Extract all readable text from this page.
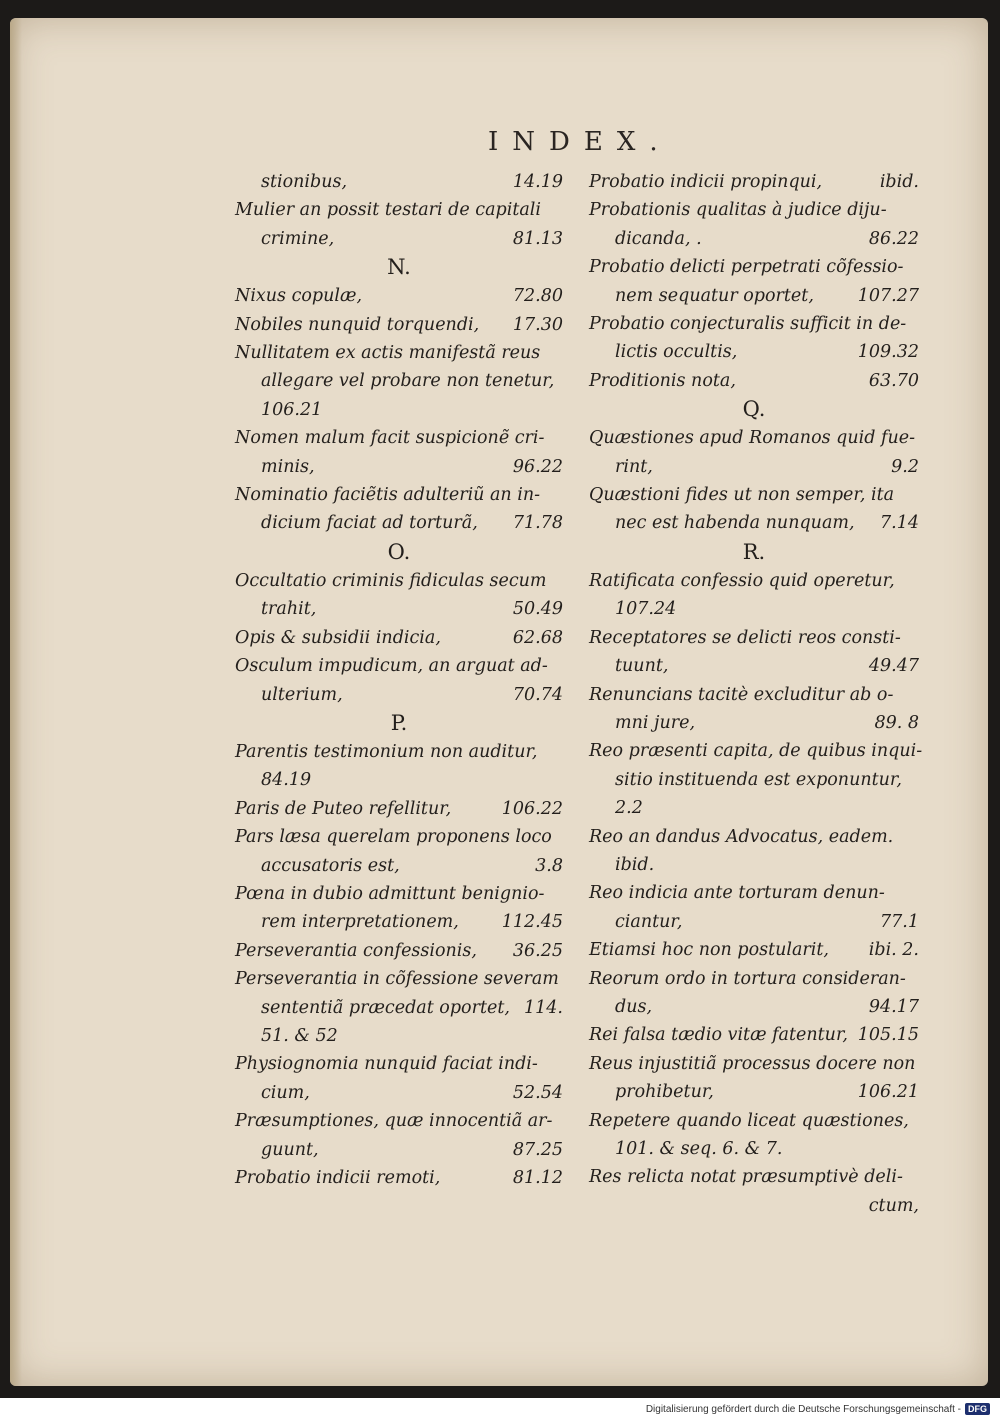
INDEX.
stionibus,	14.19
Mulier an possit testari de capitali
crimine,	81.13
N.
Nixus copulæ,	72.80
Nobiles nunquid torquendi,	17.30
Nullitatem ex actis manifestã reus
allegare vel probare non tenetur,
106.21
Nomen malum facit suspicionẽ cri-
minis,	96.22
Nominatio faciẽtis adulteriũ an in-
dicium faciat ad torturã,	71.78
O.
Occultatio criminis fidiculas secum
trahit,	50.49
Opis & subsidii indicia,	62.68
Osculum impudicum, an arguat ad-
ulterium,	70.74
P.
Parentis testimonium non auditur,
84.19
Paris de Puteo refellitur,	106.22
Pars læsa querelam proponens loco
accusatoris est,	3.8
Pœna in dubio admittunt benignio-
rem interpretationem,	112.45
Perseverantia confessionis,	36.25
Perseverantia in cõfessione severam
sententiã præcedat oportet, 114.
51. & 52
Physiognomia nunquid faciat indi-
cium,	52.54
Præsumptiones, quæ innocentiã ar-
guunt,	87.25
Probatio indicii remoti,	81.12
Probatio indicii propinqui,	ibid.
Probationis qualitas à judice diju-
dicanda, .	86.22
Probatio delicti perpetrati cõfessio-
nem sequatur oportet,	107.27
Probatio conjecturalis sufficit in de-
lictis occultis,	109.32
Proditionis nota,	63.70
Q.
Quæstiones apud Romanos quid fue-
rint,	9.2
Quæstioni fides ut non semper, ita
nec est habenda nunquam,	7.14
R.
Ratificata confessio quid operetur,
107.24
Receptatores se delicti reos consti-
tuunt,	49.47
Renuncians tacitè excluditur ab o-
mni jure,	89. 8
Reo præsenti capita, de quibus inqui-
sitio instituenda est exponuntur,
2.2
Reo an dandus Advocatus, eadem.
ibid.
Reo indicia ante torturam denun-
ciantur,	77.1
Etiamsi hoc non postularit,	ibi. 2.
Reorum ordo in tortura consideran-
dus,	94.17
Rei falsa tædio vitæ fatentur, 105.15
Reus injustitiã processus docere non
prohibetur,	106.21
Repetere quando liceat quæstiones,
101. & seq. 6. & 7.
Res relicta notat præsumptivè deli-
ctum,
Digitalisierung gefördert durch die Deutsche Forschungsgemeinschaft - DFG
